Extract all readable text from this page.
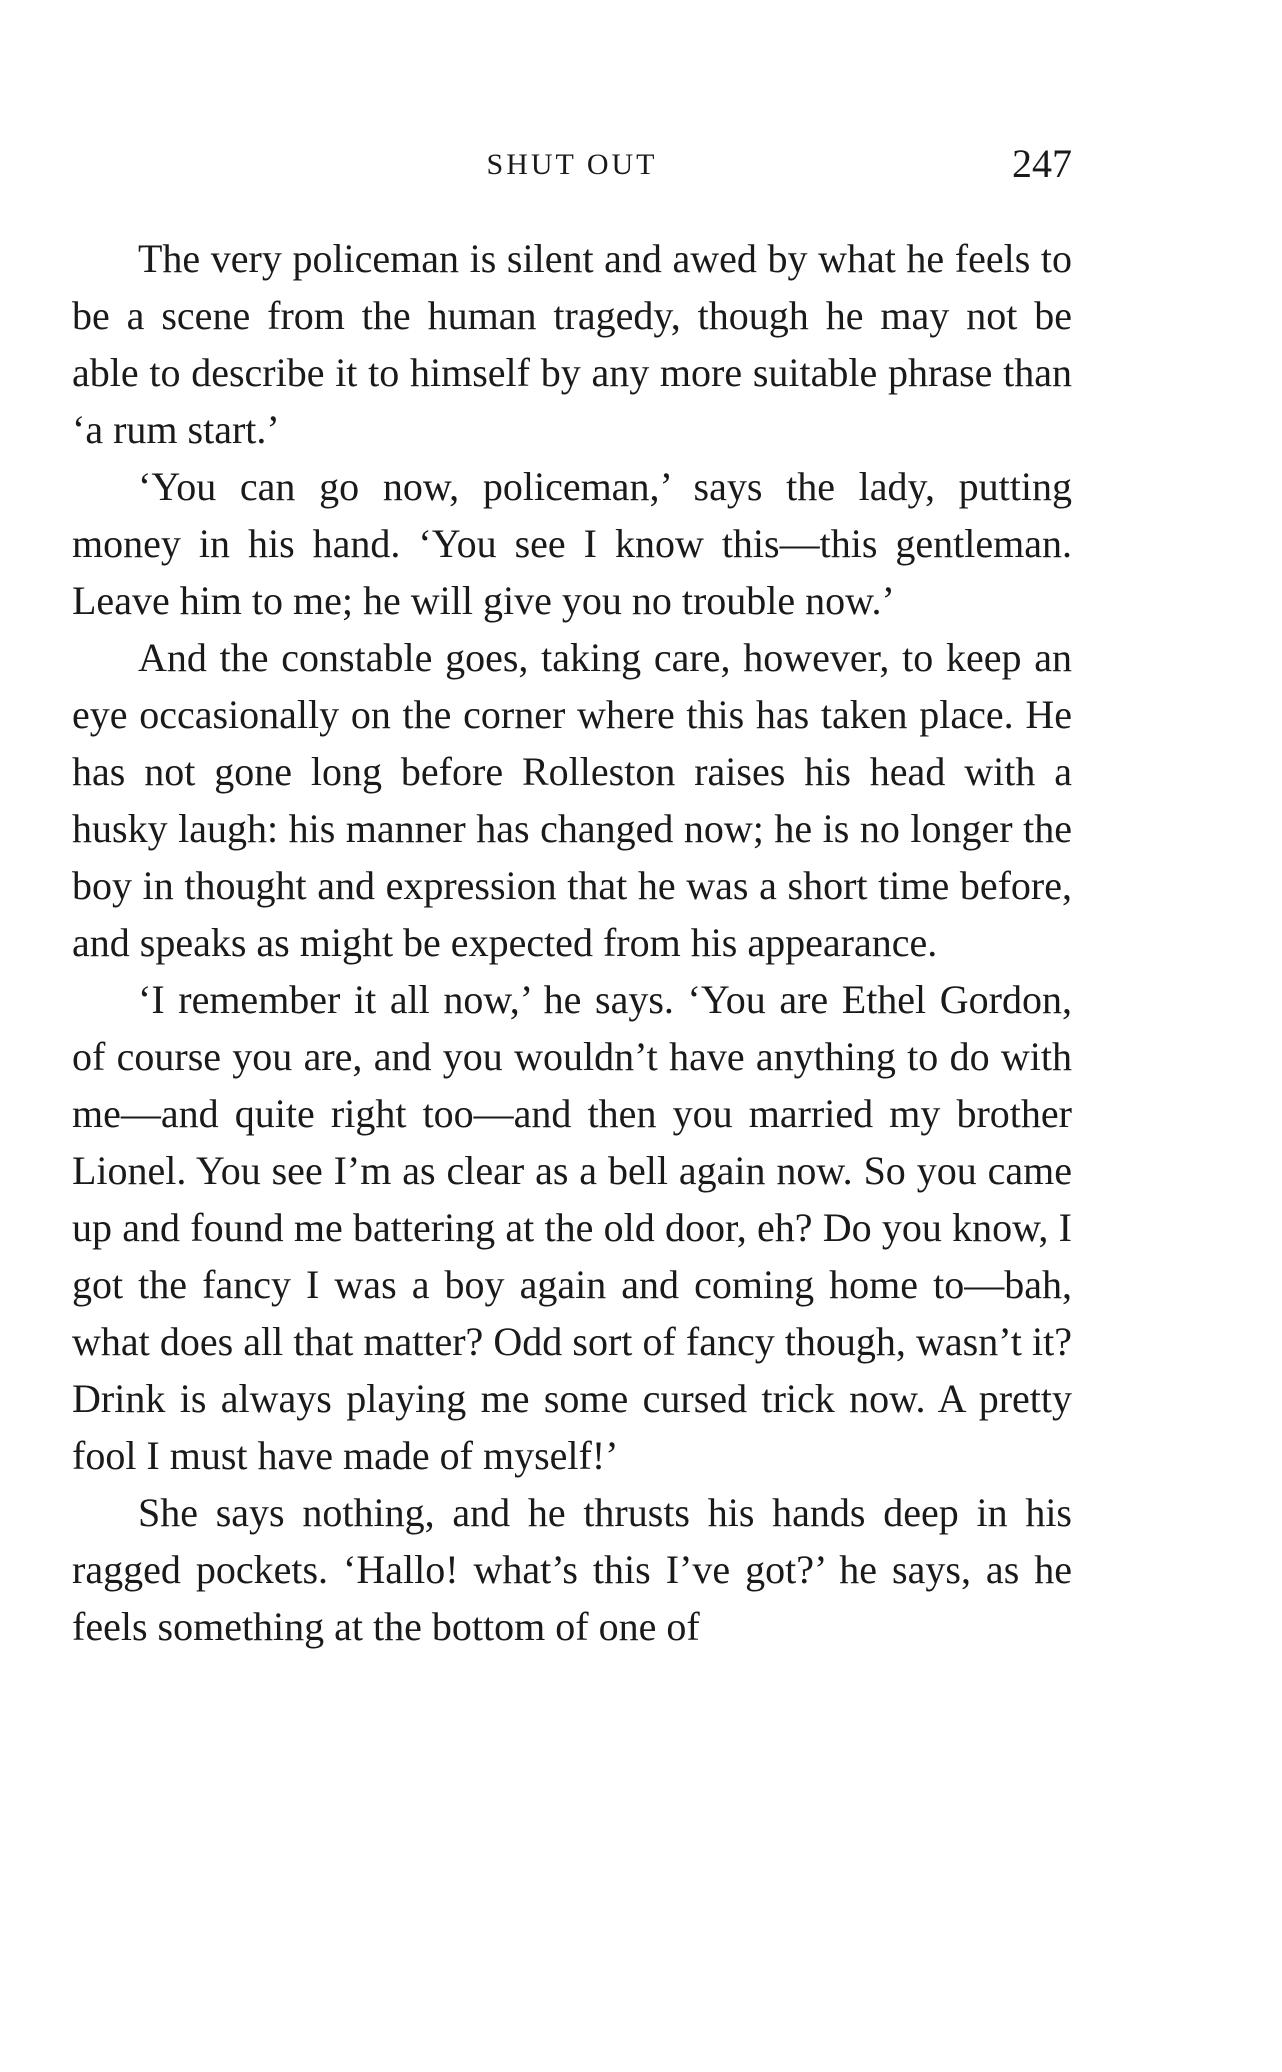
SHUT OUT	247

The very policeman is silent and awed by what he feels to be a scene from the human tragedy, though he may not be able to describe it to himself by any more suitable phrase than ‘a rum start.’

‘You can go now, policeman,’ says the lady, putting money in his hand. ‘You see I know this—this gentleman. Leave him to me; he will give you no trouble now.’

And the constable goes, taking care, however, to keep an eye occasionally on the corner where this has taken place. He has not gone long before Rolleston raises his head with a husky laugh: his manner has changed now; he is no longer the boy in thought and expression that he was a short time before, and speaks as might be expected from his appearance.

‘I remember it all now,’ he says. ‘You are Ethel Gordon, of course you are, and you wouldn’t have anything to do with me—and quite right too—and then you married my brother Lionel. You see I’m as clear as a bell again now. So you came up and found me battering at the old door, eh? Do you know, I got the fancy I was a boy again and coming home to—bah, what does all that matter? Odd sort of fancy though, wasn’t it? Drink is always playing me some cursed trick now. A pretty fool I must have made of myself!’

She says nothing, and he thrusts his hands deep in his ragged pockets. ‘Hallo! what’s this I’ve got?’ he says, as he feels something at the bottom of one of
